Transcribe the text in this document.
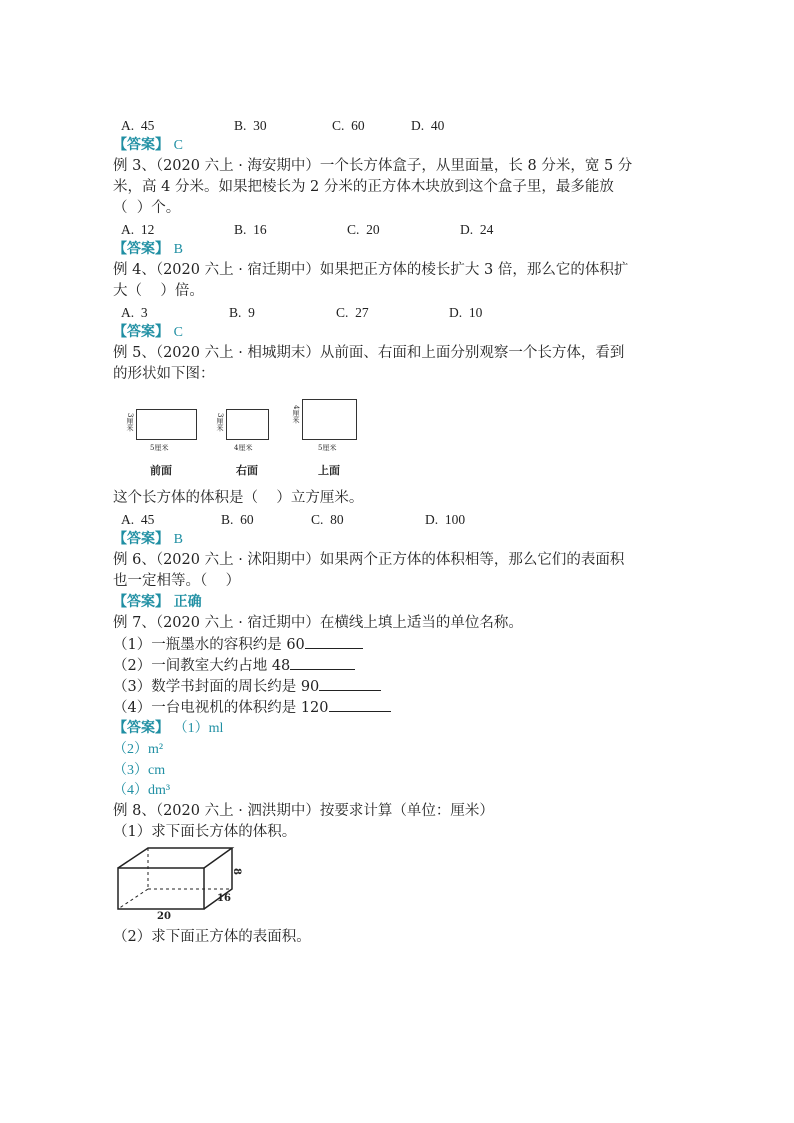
A.  45	B.  30	C.  60	D.  40
【答案】 C
例 3、（2020 六上 · 海安期中）一个长方体盒子，从里面量，长 8 分米，宽 5 分
米，高 4 分米。如果把棱长为 2 分米的正方体木块放到这个盒子里，最多能放
（  ）个。
A.  12	B.  16	C.  20	D.  24
【答案】 B
例 4、（2020 六上 · 宿迁期中）如果把正方体的棱长扩大 3 倍，那么它的体积扩
大（    ）倍。
A.  3	B.  9	C.  27	D.  10
【答案】 C
例 5、（2020 六上 · 相城期末）从前面、右面和上面分别观察一个长方体，看到
的形状如下图：
3厘米
5厘米
前面
3厘米
4厘米
右面
4厘米
5厘米
上面
这个长方体的体积是（    ）立方厘米。
A.  45	B.  60	C.  80	D.  100
【答案】 B
例 6、（2020 六上 · 沭阳期中）如果两个正方体的体积相等，那么它们的表面积
也一定相等。（    ）
【答案】 正确
例 7、（2020 六上 · 宿迁期中）在横线上填上适当的单位名称。
（1）一瓶墨水的容积约是 60
（2）一间教室大约占地 48
（3）数学书封面的周长约是 90
（4）一台电视机的体积约是 120
【答案】 （1）ml
（2）m²
（3）cm
（4）dm³
例 8、（2020 六上 · 泗洪期中）按要求计算（单位：厘米）
（1）求下面长方体的体积。
20
16
8
（2）求下面正方体的表面积。
